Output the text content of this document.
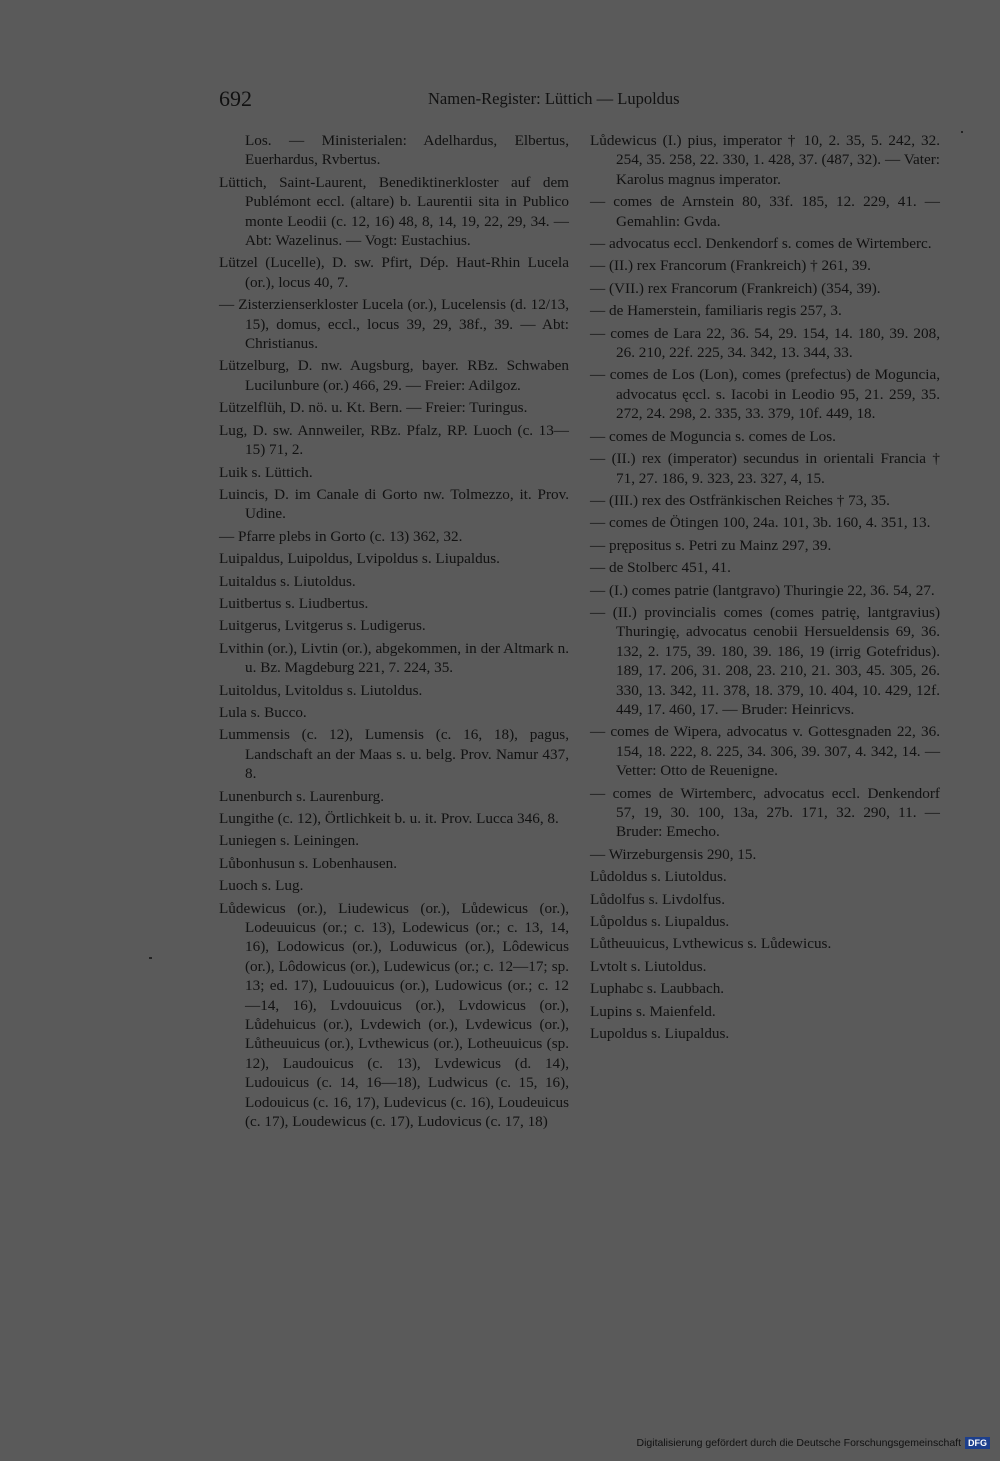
692	Namen-Register: Lüttich — Lupoldus
Los. — Ministerialen: Adelhardus, Elbertus, Euerhardus, Rvbertus.
Lüttich, Saint-Laurent, Benediktinerkloster auf dem Publémont eccl. (altare) b. Laurentii sita in Publico monte Leodii (c. 12, 16) 48, 8, 14, 19, 22, 29, 34. — Abt: Wazelinus. — Vogt: Eustachius.
Lützel (Lucelle), D. sw. Pfirt, Dép. Haut-Rhin Lucela (or.), locus 40, 7.
— Zisterzienserkloster Lucela (or.), Lucelensis (d. 12/13, 15), domus, eccl., locus 39, 29, 38f., 39. — Abt: Christianus.
Lützelburg, D. nw. Augsburg, bayer. RBz. Schwaben Lucilunbure (or.) 466, 29. — Freier: Adilgoz.
Lützelflüh, D. nö. u. Kt. Bern. — Freier: Turingus.
Lug, D. sw. Annweiler, RBz. Pfalz, RP. Luoch (c. 13—15) 71, 2.
Luik s. Lüttich.
Luincis, D. im Canale di Gorto nw. Tolmezzo, it. Prov. Udine.
— Pfarre plebs in Gorto (c. 13) 362, 32.
Luipaldus, Luipoldus, Lvipoldus s. Liupaldus.
Luitaldus s. Liutoldus.
Luitbertus s. Liudbertus.
Luitgerus, Lvitgerus s. Ludigerus.
Lvithin (or.), Livtin (or.), abgekommen, in der Altmark n. u. Bz. Magdeburg 221, 7. 224, 35.
Luitoldus, Lvitoldus s. Liutoldus.
Lula s. Bucco.
Lummensis (c. 12), Lumensis (c. 16, 18), pagus, Landschaft an der Maas s. u. belg. Prov. Namur 437, 8.
Lunenburch s. Laurenburg.
Lungithe (c. 12), Örtlichkeit b. u. it. Prov. Lucca 346, 8.
Luniegen s. Leiningen.
Lůbonhusun s. Lobenhausen.
Luoch s. Lug.
Lůdewicus (or.), Liudewicus (or.), Lůdewicus (or.), Lodeuuicus (or.; c. 13), Lodewicus (or.; c. 13, 14, 16), Lodowicus (or.), Loduwicus (or.), Lôdewicus (or.), Lôdowicus (or.), Ludewicus (or.; c. 12—17; sp. 13; ed. 17), Ludouuicus (or.), Ludowicus (or.; c. 12—14, 16), Lvdouuicus (or.), Lvdowicus (or.), Lůdehuicus (or.), Lvdewich (or.), Lvdewicus (or.), Lůtheuuicus (or.), Lvthewicus (or.), Lotheuuicus (sp. 12), Laudouicus (c. 13), Lvdewicus (d. 14), Ludouicus (c. 14, 16—18), Ludwicus (c. 15, 16), Lodouicus (c. 16, 17), Ludevicus (c. 16), Loudeuicus (c. 17), Loudewicus (c. 17), Ludovicus (c. 17, 18)
Lůdewicus (I.) pius, imperator † 10, 2. 35, 5. 242, 32. 254, 35. 258, 22. 330, 1. 428, 37. (487, 32). — Vater: Karolus magnus imperator.
— comes de Arnstein 80, 33f. 185, 12. 229, 41. — Gemahlin: Gvda.
— advocatus eccl. Denkendorf s. comes de Wirtemberc.
— (II.) rex Francorum (Frankreich) † 261, 39.
— (VII.) rex Francorum (Frankreich) (354, 39).
— de Hamerstein, familiaris regis 257, 3.
— comes de Lara 22, 36. 54, 29. 154, 14. 180, 39. 208, 26. 210, 22f. 225, 34. 342, 13. 344, 33.
— comes de Los (Lon), comes (prefectus) de Moguncia, advocatus ęccl. s. Iacobi in Leodio 95, 21. 259, 35. 272, 24. 298, 2. 335, 33. 379, 10f. 449, 18.
— comes de Moguncia s. comes de Los.
— (II.) rex (imperator) secundus in orientali Francia † 71, 27. 186, 9. 323, 23. 327, 4, 15.
— (III.) rex des Ostfränkischen Reiches † 73, 35.
— comes de Ötingen 100, 24a. 101, 3b. 160, 4. 351, 13.
— prępositus s. Petri zu Mainz 297, 39.
— de Stolberc 451, 41.
— (I.) comes patrie (lantgravo) Thuringie 22, 36. 54, 27.
— (II.) provincialis comes (comes patrię, lantgravius) Thuringię, advocatus cenobii Hersueldensis 69, 36. 132, 2. 175, 39. 180, 39. 186, 19 (irrig Gotefridus). 189, 17. 206, 31. 208, 23. 210, 21. 303, 45. 305, 26. 330, 13. 342, 11. 378, 18. 379, 10. 404, 10. 429, 12f. 449, 17. 460, 17. — Bruder: Heinricvs.
— comes de Wipera, advocatus v. Gottesgnaden 22, 36. 154, 18. 222, 8. 225, 34. 306, 39. 307, 4. 342, 14. — Vetter: Otto de Reuenigne.
— comes de Wirtemberc, advocatus eccl. Denkendorf 57, 19, 30. 100, 13a, 27b. 171, 32. 290, 11. — Bruder: Emecho.
— Wirzeburgensis 290, 15.
Lůdoldus s. Liutoldus.
Lůdolfus s. Livdolfus.
Lůpoldus s. Liupaldus.
Lůtheuuicus, Lvthewicus s. Lůdewicus.
Lvtolt s. Liutoldus.
Luphabc s. Laubbach.
Lupins s. Maienfeld.
Lupoldus s. Liupaldus.
Digitalisierung gefördert durch die Deutsche Forschungsgemeinschaft DFG
